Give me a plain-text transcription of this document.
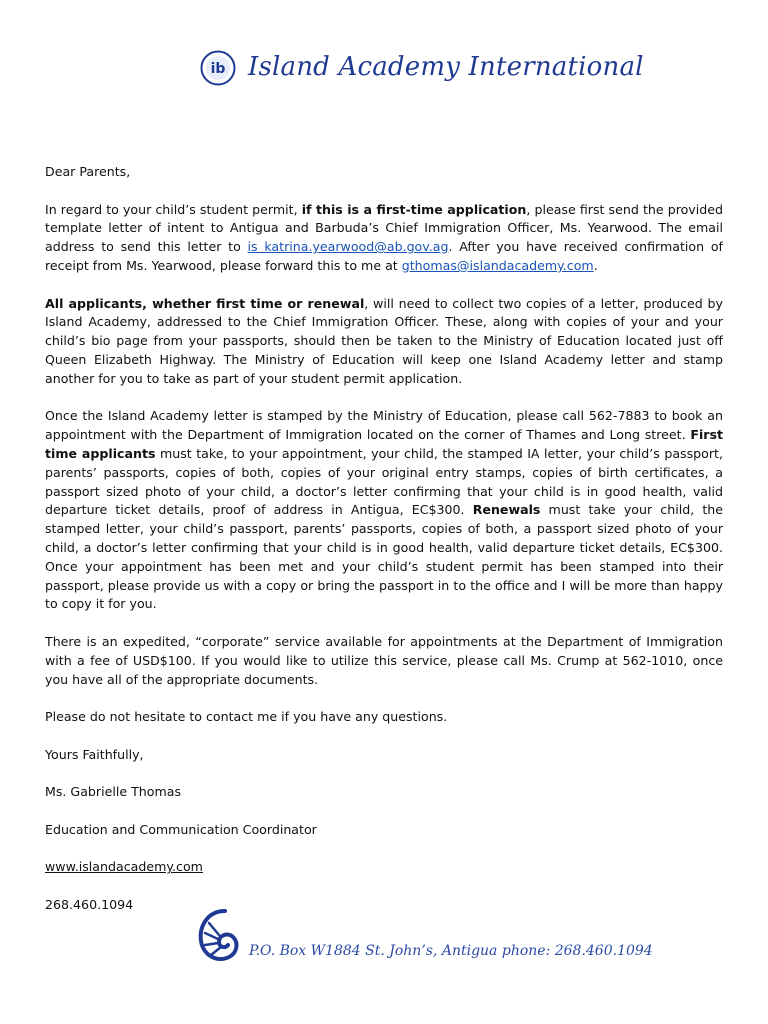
ib Island Academy International

Dear Parents,

In regard to your child’s student permit, if this is a first-time application, please first send the provided template letter of intent to Antigua and Barbuda’s Chief Immigration Officer, Ms. Yearwood. The email address to send this letter to is katrina.yearwood@ab.gov.ag. After you have received confirmation of receipt from Ms. Yearwood, please forward this to me at gthomas@islandacademy.com.

All applicants, whether first time or renewal, will need to collect two copies of a letter, produced by Island Academy, addressed to the Chief Immigration Officer. These, along with copies of your and your child’s bio page from your passports, should then be taken to the Ministry of Education located just off Queen Elizabeth Highway. The Ministry of Education will keep one Island Academy letter and stamp another for you to take as part of your student permit application.

Once the Island Academy letter is stamped by the Ministry of Education, please call 562-7883 to book an appointment with the Department of Immigration located on the corner of Thames and Long street. First time applicants must take, to your appointment, your child, the stamped IA letter, your child’s passport, parents’ passports, copies of both, copies of your original entry stamps, copies of birth certificates, a passport sized photo of your child, a doctor’s letter confirming that your child is in good health, valid departure ticket details, proof of address in Antigua, EC$300. Renewals must take your child, the stamped letter, your child’s passport, parents’ passports, copies of both, a passport sized photo of your child, a doctor’s letter confirming that your child is in good health, valid departure ticket details, EC$300. Once your appointment has been met and your child’s student permit has been stamped into their passport, please provide us with a copy or bring the passport in to the office and I will be more than happy to copy it for you.

There is an expedited, “corporate” service available for appointments at the Department of Immigration with a fee of USD$100. If you would like to utilize this service, please call Ms. Crump at 562-1010, once you have all of the appropriate documents.

Please do not hesitate to contact me if you have any questions.

Yours Faithfully,

Ms. Gabrielle Thomas

Education and Communication Coordinator

www.islandacademy.com

268.460.1094

P.O. Box W1884 St. John’s, Antigua phone: 268.460.1094
